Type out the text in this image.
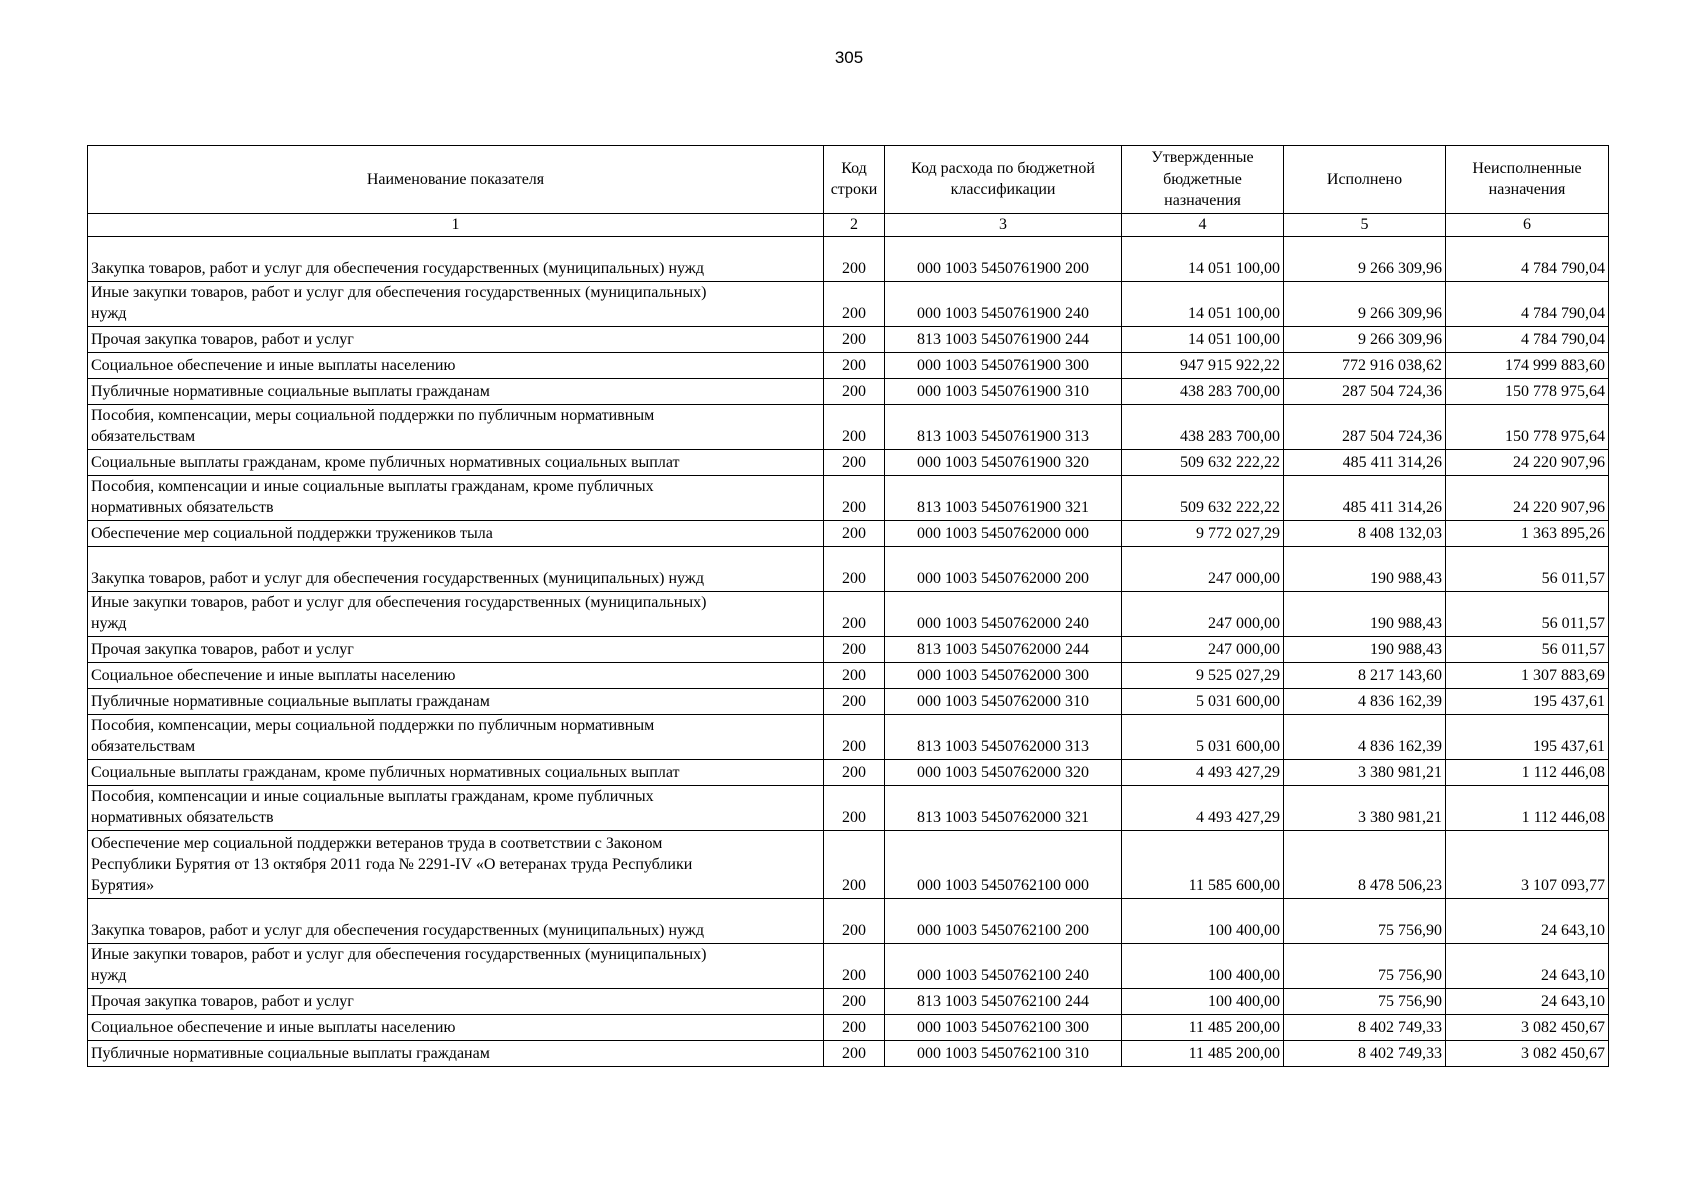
305
Наименование показателя	Код строки	Код расхода по бюджетной классификации	Утвержденные бюджетные назначения	Исполнено	Неисполненные назначения
1	2	3	4	5	6
Закупка товаров, работ и услуг для обеспечения государственных (муниципальных) нужд	200	000 1003 5450761900 200	14 051 100,00	9 266 309,96	4 784 790,04
Иные закупки товаров, работ и услуг для обеспечения государственных (муниципальных)
нужд	200	000 1003 5450761900 240	14 051 100,00	9 266 309,96	4 784 790,04
Прочая закупка товаров, работ и услуг	200	813 1003 5450761900 244	14 051 100,00	9 266 309,96	4 784 790,04
Социальное обеспечение и иные выплаты населению	200	000 1003 5450761900 300	947 915 922,22	772 916 038,62	174 999 883,60
Публичные нормативные социальные выплаты гражданам	200	000 1003 5450761900 310	438 283 700,00	287 504 724,36	150 778 975,64
Пособия, компенсации, меры социальной поддержки по публичным нормативным
обязательствам	200	813 1003 5450761900 313	438 283 700,00	287 504 724,36	150 778 975,64
Социальные выплаты гражданам, кроме публичных нормативных социальных выплат	200	000 1003 5450761900 320	509 632 222,22	485 411 314,26	24 220 907,96
Пособия, компенсации и иные социальные выплаты гражданам, кроме публичных
нормативных обязательств	200	813 1003 5450761900 321	509 632 222,22	485 411 314,26	24 220 907,96
Обеспечение мер социальной поддержки тружеников тыла	200	000 1003 5450762000 000	9 772 027,29	8 408 132,03	1 363 895,26
Закупка товаров, работ и услуг для обеспечения государственных (муниципальных) нужд	200	000 1003 5450762000 200	247 000,00	190 988,43	56 011,57
Иные закупки товаров, работ и услуг для обеспечения государственных (муниципальных)
нужд	200	000 1003 5450762000 240	247 000,00	190 988,43	56 011,57
Прочая закупка товаров, работ и услуг	200	813 1003 5450762000 244	247 000,00	190 988,43	56 011,57
Социальное обеспечение и иные выплаты населению	200	000 1003 5450762000 300	9 525 027,29	8 217 143,60	1 307 883,69
Публичные нормативные социальные выплаты гражданам	200	000 1003 5450762000 310	5 031 600,00	4 836 162,39	195 437,61
Пособия, компенсации, меры социальной поддержки по публичным нормативным
обязательствам	200	813 1003 5450762000 313	5 031 600,00	4 836 162,39	195 437,61
Социальные выплаты гражданам, кроме публичных нормативных социальных выплат	200	000 1003 5450762000 320	4 493 427,29	3 380 981,21	1 112 446,08
Пособия, компенсации и иные социальные выплаты гражданам, кроме публичных
нормативных обязательств	200	813 1003 5450762000 321	4 493 427,29	3 380 981,21	1 112 446,08
Обеспечение мер социальной поддержки ветеранов труда в соответствии с Законом
Республики Бурятия от 13 октября 2011 года № 2291-IV «О ветеранах труда Республики
Бурятия»	200	000 1003 5450762100 000	11 585 600,00	8 478 506,23	3 107 093,77
Закупка товаров, работ и услуг для обеспечения государственных (муниципальных) нужд	200	000 1003 5450762100 200	100 400,00	75 756,90	24 643,10
Иные закупки товаров, работ и услуг для обеспечения государственных (муниципальных)
нужд	200	000 1003 5450762100 240	100 400,00	75 756,90	24 643,10
Прочая закупка товаров, работ и услуг	200	813 1003 5450762100 244	100 400,00	75 756,90	24 643,10
Социальное обеспечение и иные выплаты населению	200	000 1003 5450762100 300	11 485 200,00	8 402 749,33	3 082 450,67
Публичные нормативные социальные выплаты гражданам	200	000 1003 5450762100 310	11 485 200,00	8 402 749,33	3 082 450,67
